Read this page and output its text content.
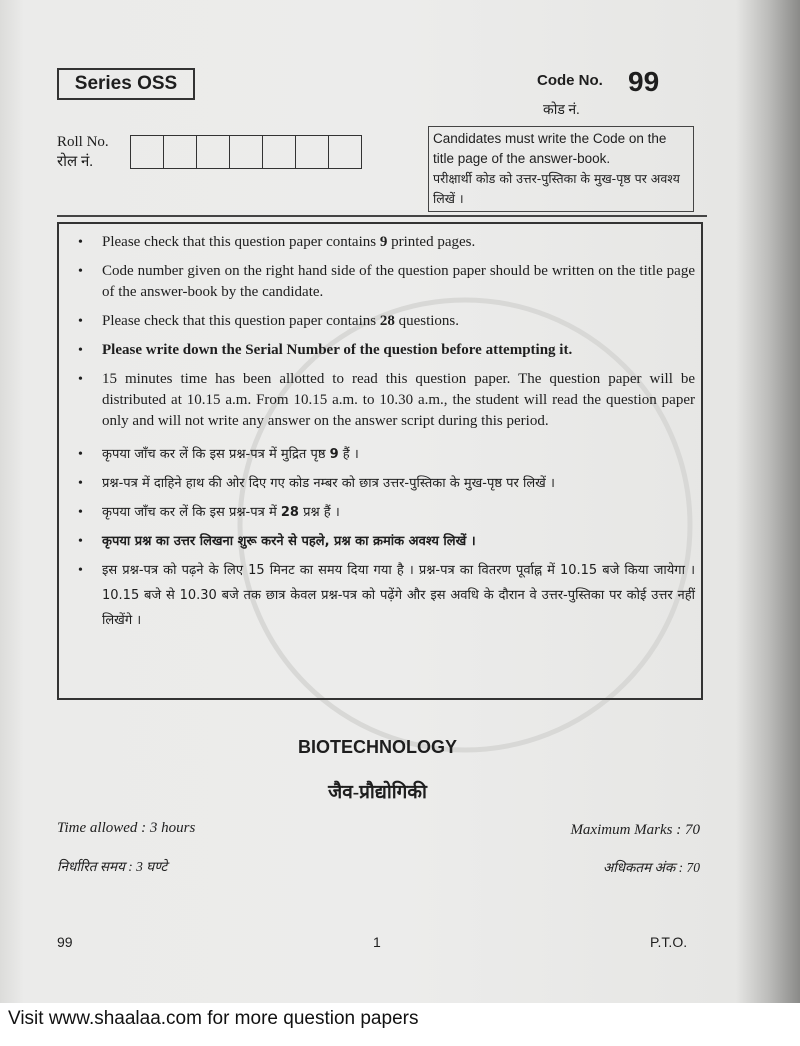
Series OSS	Code No. 99
कोड नं.
Roll No.
रोल नं.
Candidates must write the Code on the title page of the answer-book.
परीक्षार्थी कोड को उत्तर-पुस्तिका के मुख-पृष्ठ पर अवश्य लिखें ।
•	Please check that this question paper contains 9 printed pages.
•	Code number given on the right hand side of the question paper should be written on the title page of the answer-book by the candidate.
•	Please check that this question paper contains 28 questions.
•	Please write down the Serial Number of the question before attempting it.
•	15 minutes time has been allotted to read this question paper. The question paper will be distributed at 10.15 a.m. From 10.15 a.m. to 10.30 a.m., the student will read the question paper only and will not write any answer on the answer script during this period.
•	कृपया जाँच कर लें कि इस प्रश्न-पत्र में मुद्रित पृष्ठ 9 हैं ।
•	प्रश्न-पत्र में दाहिने हाथ की ओर दिए गए कोड नम्बर को छात्र उत्तर-पुस्तिका के मुख-पृष्ठ पर लिखें ।
•	कृपया जाँच कर लें कि इस प्रश्न-पत्र में 28 प्रश्न हैं ।
•	कृपया प्रश्न का उत्तर लिखना शुरू करने से पहले, प्रश्न का क्रमांक अवश्य लिखें ।
•	इस प्रश्न-पत्र को पढ़ने के लिए 15 मिनट का समय दिया गया है । प्रश्न-पत्र का वितरण पूर्वाह्न में 10.15 बजे किया जायेगा । 10.15 बजे से 10.30 बजे तक छात्र केवल प्रश्न-पत्र को पढ़ेंगे और इस अवधि के दौरान वे उत्तर-पुस्तिका पर कोई उत्तर नहीं लिखेंगे ।
BIOTECHNOLOGY
जैव-प्रौद्योगिकी
Time allowed : 3 hours
निर्धारित समय : 3 घण्टे
Maximum Marks : 70
अधिकतम अंक : 70
99	1	P.T.O.
Visit www.shaalaa.com for more question papers
